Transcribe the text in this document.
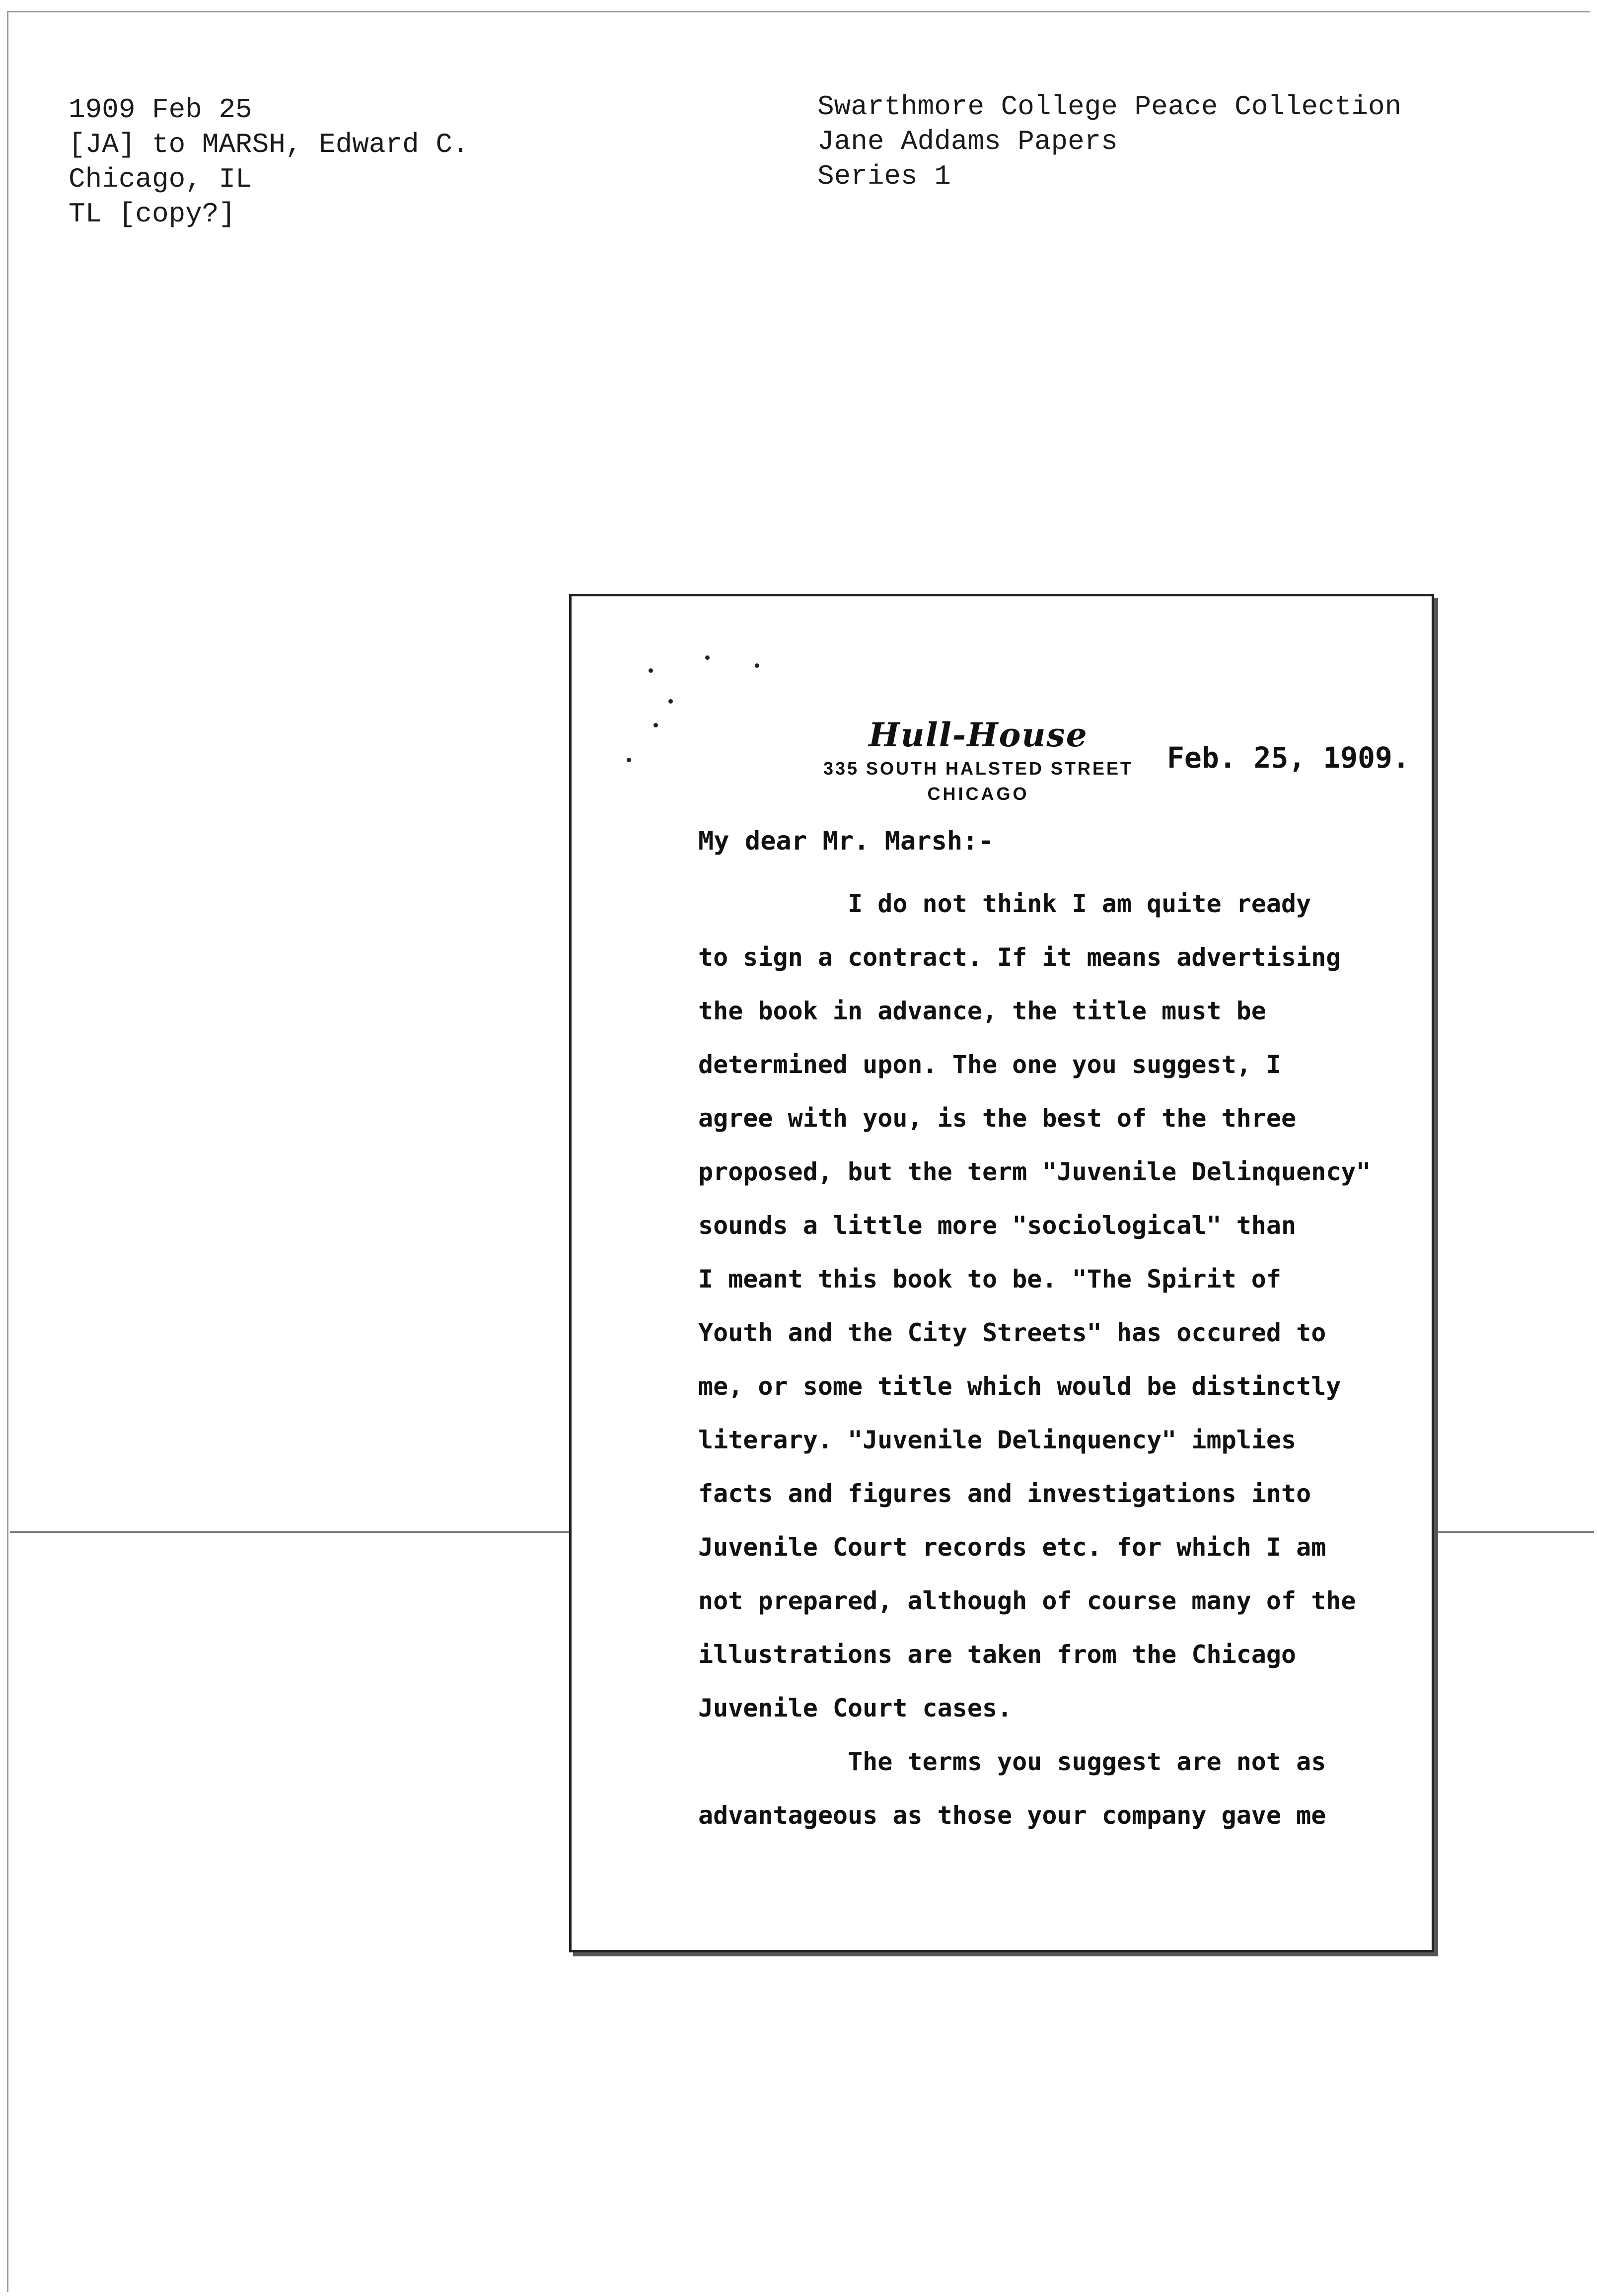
1909 Feb 25
[JA] to MARSH, Edward C.
Chicago, IL
TL [copy?]
Swarthmore College Peace Collection
Jane Addams Papers
Series 1
Hull-House
335 SOUTH HALSTED STREET
CHICAGO
Feb. 25, 1909.
My dear Mr. Marsh:-
I do not think I am quite ready
to sign a contract. If it means advertising
the book in advance, the title must be
determined upon. The one you suggest, I
agree with you, is the best of the three
proposed, but the term "Juvenile Delinquency"
sounds a little more "sociological" than
I meant this book to be. "The Spirit of
Youth and the City Streets" has occured to
me, or some title which would be distinctly
literary. "Juvenile Delinquency" implies
facts and figures and investigations into
Juvenile Court records etc. for which I am
not prepared, although of course many of the
illustrations are taken from the Chicago
Juvenile Court cases.
The terms you suggest are not as
advantageous as those your company gave me
